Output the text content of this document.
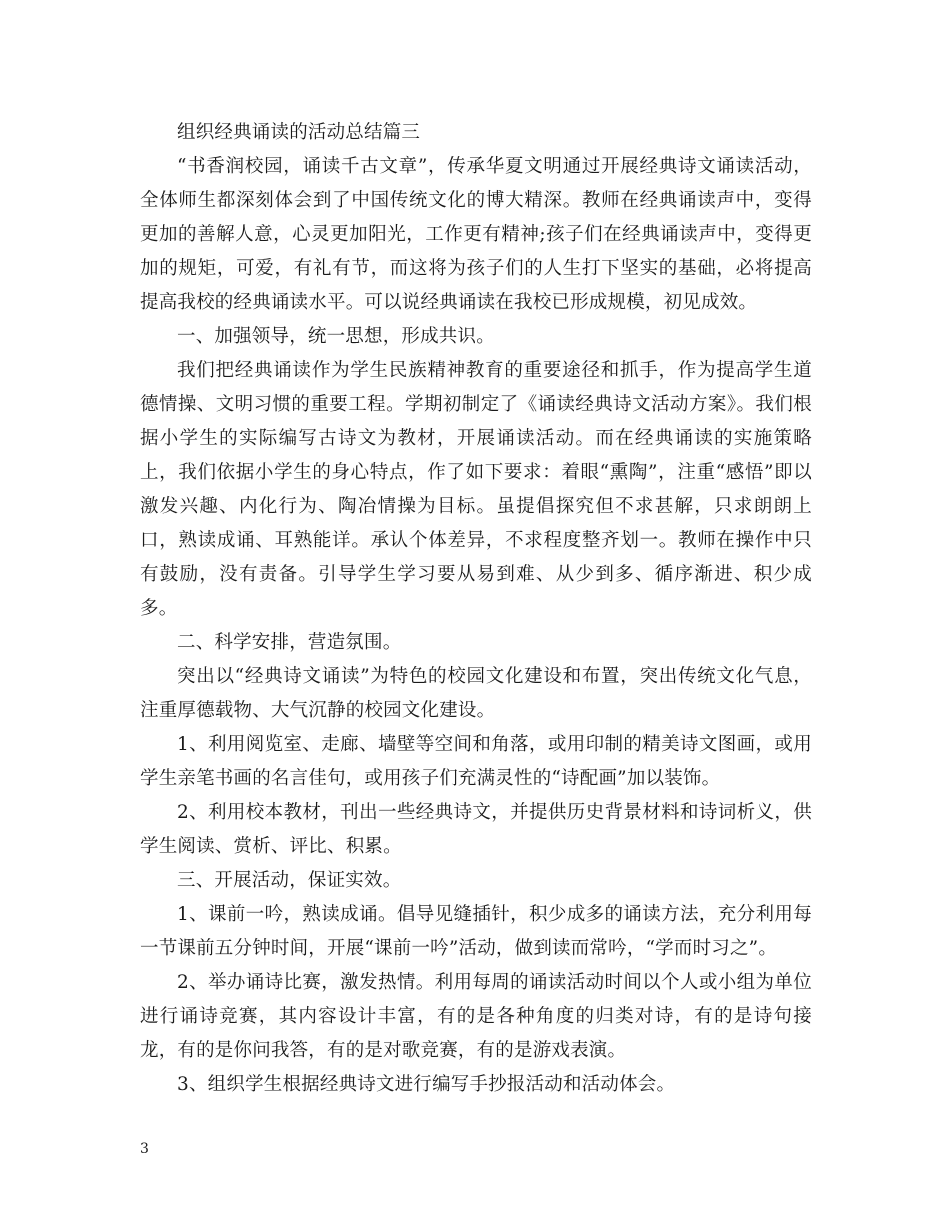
组织经典诵读的活动总结篇三

“书香润校园，诵读千古文章”，传承华夏文明通过开展经典诗文诵读活动，全体师生都深刻体会到了中国传统文化的博大精深。教师在经典诵读声中，变得更加的善解人意，心灵更加阳光，工作更有精神;孩子们在经典诵读声中，变得更加的规矩，可爱，有礼有节，而这将为孩子们的人生打下坚实的基础，必将提高提高我校的经典诵读水平。可以说经典诵读在我校已形成规模，初见成效。

一、加强领导，统一思想，形成共识。

我们把经典诵读作为学生民族精神教育的重要途径和抓手，作为提高学生道德情操、文明习惯的重要工程。学期初制定了《诵读经典诗文活动方案》。我们根据小学生的实际编写古诗文为教材，开展诵读活动。而在经典诵读的实施策略上，我们依据小学生的身心特点，作了如下要求：着眼“熏陶”，注重“感悟”即以激发兴趣、内化行为、陶冶情操为目标。虽提倡探究但不求甚解，只求朗朗上口，熟读成诵、耳熟能详。承认个体差异，不求程度整齐划一。教师在操作中只有鼓励，没有责备。引导学生学习要从易到难、从少到多、循序渐进、积少成多。

二、科学安排，营造氛围。

突出以“经典诗文诵读”为特色的校园文化建设和布置，突出传统文化气息，注重厚德载物、大气沉静的校园文化建设。

1、利用阅览室、走廊、墙壁等空间和角落，或用印制的精美诗文图画，或用学生亲笔书画的名言佳句，或用孩子们充满灵性的“诗配画”加以装饰。

2、利用校本教材，刊出一些经典诗文，并提供历史背景材料和诗词析义，供学生阅读、赏析、评比、积累。

三、开展活动，保证实效。

1、课前一吟，熟读成诵。倡导见缝插针，积少成多的诵读方法，充分利用每一节课前五分钟时间，开展“课前一吟”活动，做到读而常吟，“学而时习之”。

2、举办诵诗比赛，激发热情。利用每周的诵读活动时间以个人或小组为单位进行诵诗竞赛，其内容设计丰富，有的是各种角度的归类对诗，有的是诗句接龙，有的是你问我答，有的是对歌竞赛，有的是游戏表演。

3、组织学生根据经典诗文进行编写手抄报活动和活动体会。

3
